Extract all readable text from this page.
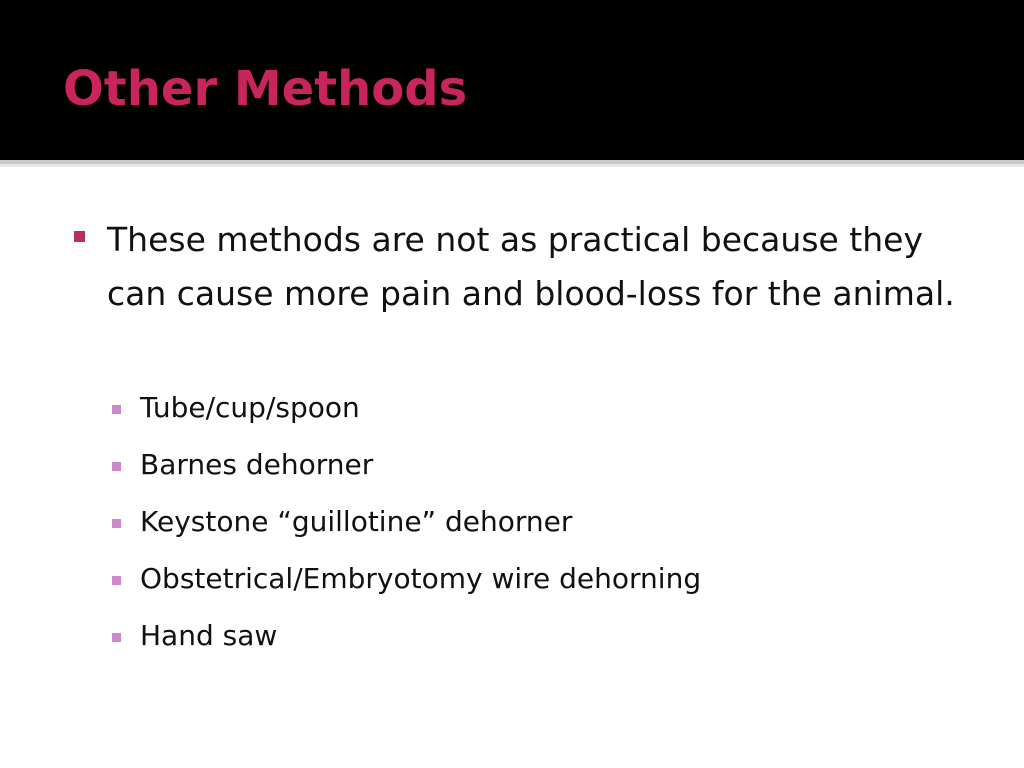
Other Methods
These methods are not as practical because they can cause more pain and blood-loss for the animal.
Tube/cup/spoon
Barnes dehorner
Keystone “guillotine” dehorner
Obstetrical/Embryotomy wire dehorning
Hand saw
